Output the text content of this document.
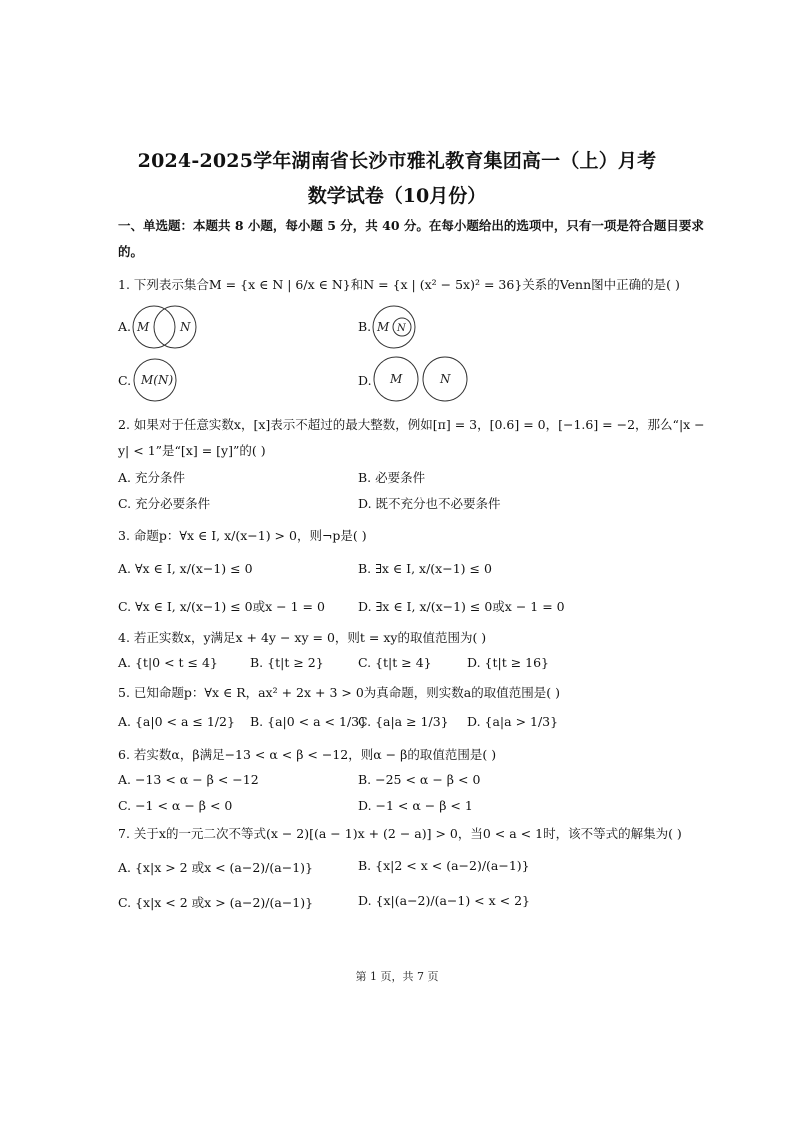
2024-2025学年湖南省长沙市雅礼教育集团高一（上）月考
数学试卷（10月份）
一、单选题：本题共 8 小题，每小题 5 分，共 40 分。在每小题给出的选项中，只有一项是符合题目要求
的。
1. 下列表示集合M = {x ∈ N | 6/x ∈ N}和N = {x | (x² − 5x)² = 36}关系的Venn图中正确的是( )
A. M	N	B. M N
C. M(N)	D. M	N
2. 如果对于任意实数x，[x]表示不超过的最大整数，例如[π] = 3，[0.6] = 0，[−1.6] = −2，那么“|x −
y| < 1”是“[x] = [y]”的( )
A. 充分条件	B. 必要条件
C. 充分必要条件	D. 既不充分也不必要条件
3. 命题p：∀x ∈ I, x/(x−1) > 0，则¬p是( )
A. ∀x ∈ I, x/(x−1) ≤ 0	B. ∃x ∈ I, x/(x−1) ≤ 0
C. ∀x ∈ I, x/(x−1) ≤ 0或x − 1 = 0	D. ∃x ∈ I, x/(x−1) ≤ 0或x − 1 = 0
4. 若正实数x，y满足x + 4y − xy = 0，则t = xy的取值范围为( )
A. {t|0 < t ≤ 4}	B. {t|t ≥ 2}	C. {t|t ≥ 4}	D. {t|t ≥ 16}
5. 已知命题p：∀x ∈ R，ax² + 2x + 3 > 0为真命题，则实数a的取值范围是( )
A. {a|0 < a ≤ 1/2} B. {a|0 < a < 1/3}
C. {a|a ≥ 1/3} D. {a|a > 1/3}
6. 若实数α，β满足−13 < α < β < −12，则α − β的取值范围是( )
A. −13 < α − β < −12	B. −25 < α − β < 0
C. −1 < α − β < 0	D. −1 < α − β < 1
7. 关于x的一元二次不等式(x − 2)[(a − 1)x + (2 − a)] > 0，当0 < a < 1时，该不等式的解集为( )
A. {x|x > 2 或x < (a−2)/(a−1)}	B. {x|2 < x < (a−2)/(a−1)}
C. {x|x < 2 或x > (a−2)/(a−1)}	D. {x|(a−2)/(a−1) < x < 2}
第 1 页，共 7 页
